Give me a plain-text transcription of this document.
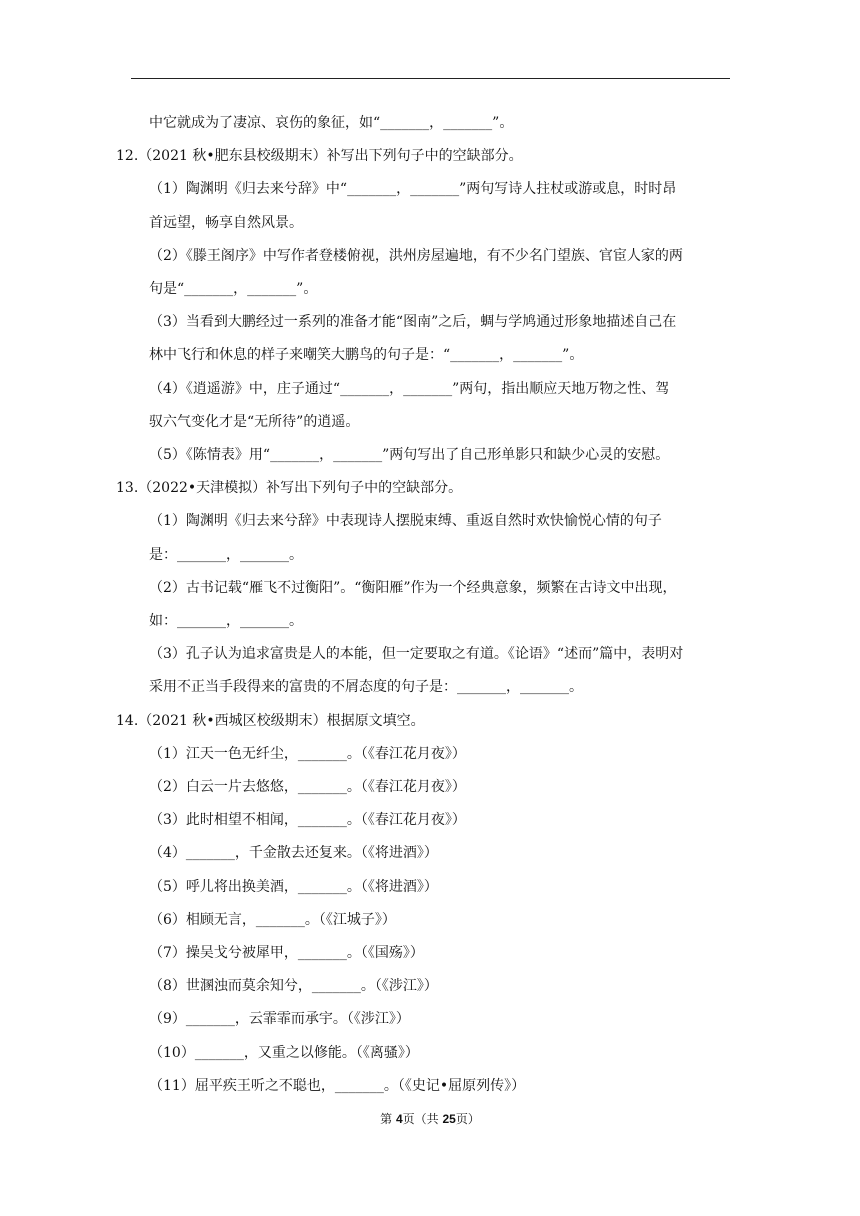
中它就成为了凄凉、哀伤的象征，如“_______，_______”。
12.（2021 秋•肥东县校级期末）补写出下列句子中的空缺部分。
（1）陶渊明《归去来兮辞》中“_______，_______”两句写诗人拄杖或游或息，时时昂
首远望，畅享自然风景。
（2）《滕王阁序》中写作者登楼俯视，洪州房屋遍地，有不少名门望族、官宦人家的两
句是“_______，_______”。
（3）当看到大鹏经过一系列的准备才能“图南”之后，蜩与学鸠通过形象地描述自己在
林中飞行和休息的样子来嘲笑大鹏鸟的句子是：“_______，_______”。
（4）《逍遥游》中，庄子通过“_______，_______”两句，指出顺应天地万物之性、驾
驭六气变化才是“无所待”的逍遥。
（5）《陈情表》用“_______，_______”两句写出了自己形单影只和缺少心灵的安慰。
13.（2022•天津模拟）补写出下列句子中的空缺部分。
（1）陶渊明《归去来兮辞》中表现诗人摆脱束缚、重返自然时欢快愉悦心情的句子
是：_______，_______。
（2）古书记载“雁飞不过衡阳”。“衡阳雁”作为一个经典意象，频繁在古诗文中出现，
如：_______，_______。
（3）孔子认为追求富贵是人的本能，但一定要取之有道。《论语》“述而”篇中，表明对
采用不正当手段得来的富贵的不屑态度的句子是：_______，_______。
14.（2021 秋•西城区校级期末）根据原文填空。
（1）江天一色无纤尘，_______。（《春江花月夜》）
（2）白云一片去悠悠，_______。（《春江花月夜》）
（3）此时相望不相闻，_______。（《春江花月夜》）
（4）_______，千金散去还复来。（《将进酒》）
（5）呼儿将出换美酒，_______。（《将进酒》）
（6）相顾无言，_______。（《江城子》）
（7）操吴戈兮被犀甲，_______。（《国殇》）
（8）世溷浊而莫余知兮，_______。（《涉江》）
（9）_______，云霏霏而承宇。（《涉江》）
（10）_______，又重之以修能。（《离骚》）
（11）屈平疾王听之不聪也，_______。（《史记•屈原列传》）
第 4页（共 25页）
